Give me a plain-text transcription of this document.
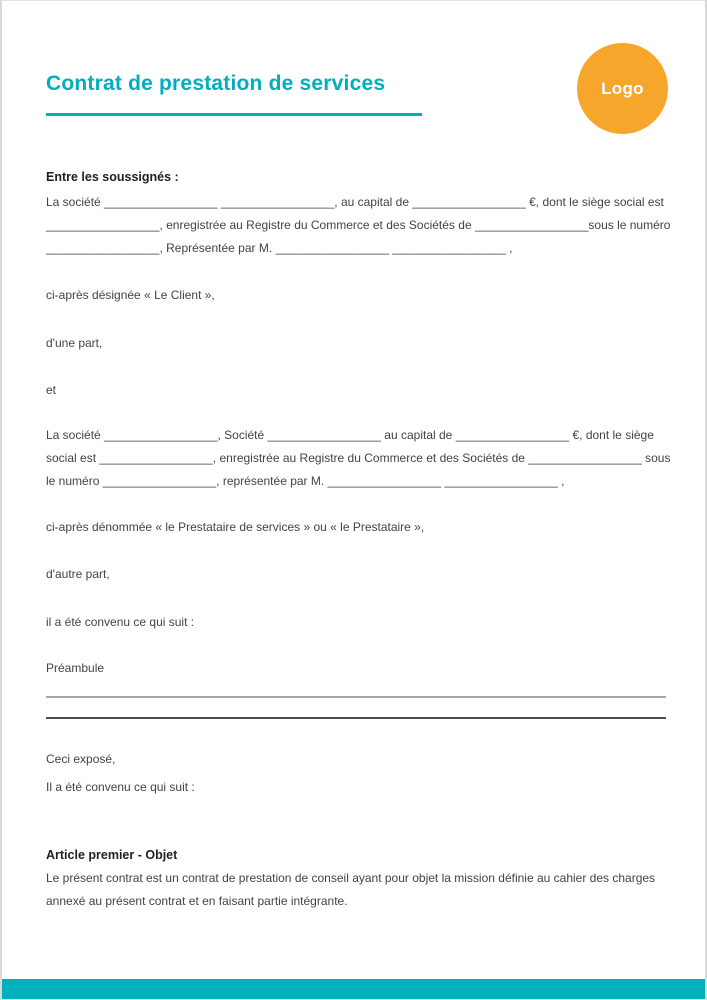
Contrat de prestation de services	Logo
Entre les soussignés :
La société _________________ _________________, au capital de _________________ €, dont le siège social est
_________________, enregistrée au Registre du Commerce et des Sociétés de _________________sous le numéro
_________________, Représentée par M. _________________ _________________ ,
ci-après désignée « Le Client »,
d'une part,
et
La société _________________, Société _________________ au capital de _________________ €, dont le siège
social est _________________, enregistrée au Registre du Commerce et des Sociétés de _________________ sous
le numéro _________________, représentée par M. _________________ _________________ ,
ci-après dénommée « le Prestataire de services » ou « le Prestataire »,
d'autre part,
il a été convenu ce qui suit :
Préambule
Ceci exposé,
Il a été convenu ce qui suit :
Article premier - Objet
Le présent contrat est un contrat de prestation de conseil ayant pour objet la mission définie au cahier des charges
annexé au présent contrat et en faisant partie intégrante.
